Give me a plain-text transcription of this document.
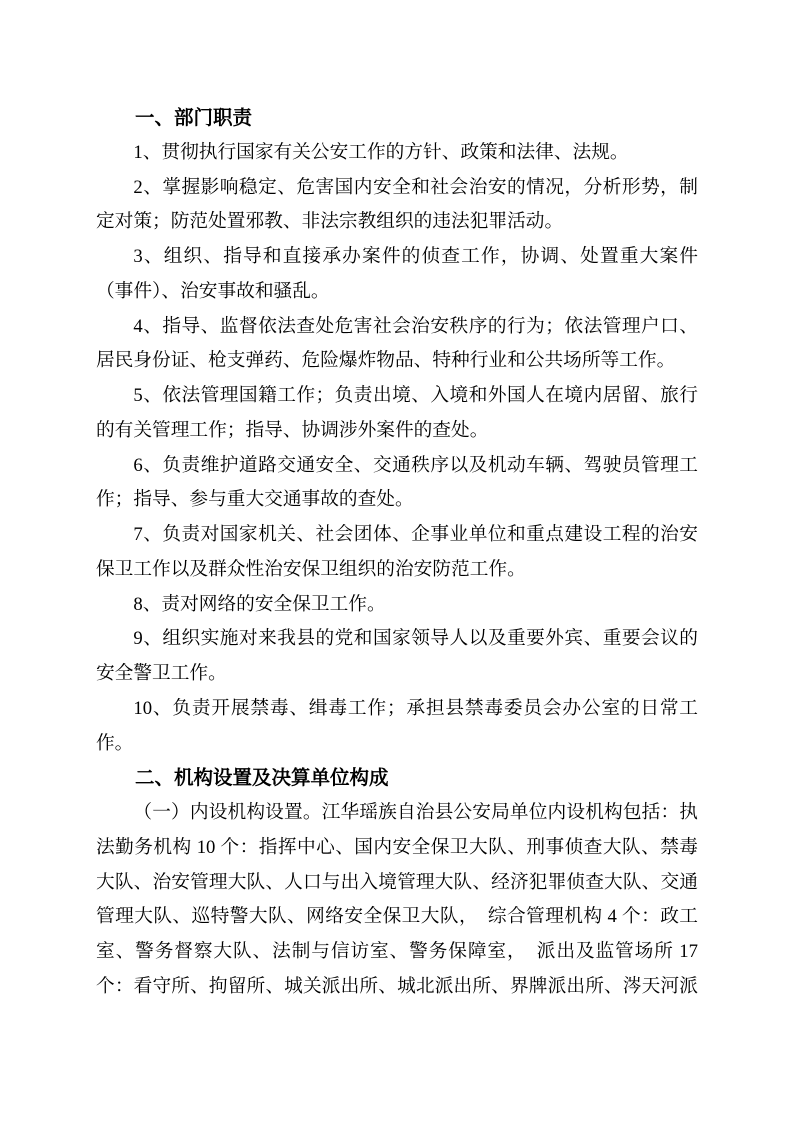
一、部门职责
1、贯彻执行国家有关公安工作的方针、政策和法律、法规。
2、掌握影响稳定、危害国内安全和社会治安的情况，分析形势，制
定对策；防范处置邪教、非法宗教组织的违法犯罪活动。
3、组织、指导和直接承办案件的侦查工作，协调、处置重大案件
（事件）、治安事故和骚乱。
4、指导、监督依法查处危害社会治安秩序的行为；依法管理户口、
居民身份证、枪支弹药、危险爆炸物品、特种行业和公共场所等工作。
5、依法管理国籍工作；负责出境、入境和外国人在境内居留、旅行
的有关管理工作；指导、协调涉外案件的查处。
6、负责维护道路交通安全、交通秩序以及机动车辆、驾驶员管理工
作；指导、参与重大交通事故的查处。
7、负责对国家机关、社会团体、企事业单位和重点建设工程的治安
保卫工作以及群众性治安保卫组织的治安防范工作。
8、责对网络的安全保卫工作。
9、组织实施对来我县的党和国家领导人以及重要外宾、重要会议的
安全警卫工作。
10、负责开展禁毒、缉毒工作；承担县禁毒委员会办公室的日常工
作。
二、机构设置及决算单位构成
（一）内设机构设置。江华瑶族自治县公安局单位内设机构包括：执
法勤务机构 10 个：指挥中心、国内安全保卫大队、刑事侦查大队、禁毒
大队、治安管理大队、人口与出入境管理大队、经济犯罪侦查大队、交通
管理大队、巡特警大队、网络安全保卫大队，　综合管理机构 4 个：政工
室、警务督察大队、法制与信访室、警务保障室，　派出及监管场所 17
个：看守所、拘留所、城关派出所、城北派出所、界牌派出所、涔天河派
